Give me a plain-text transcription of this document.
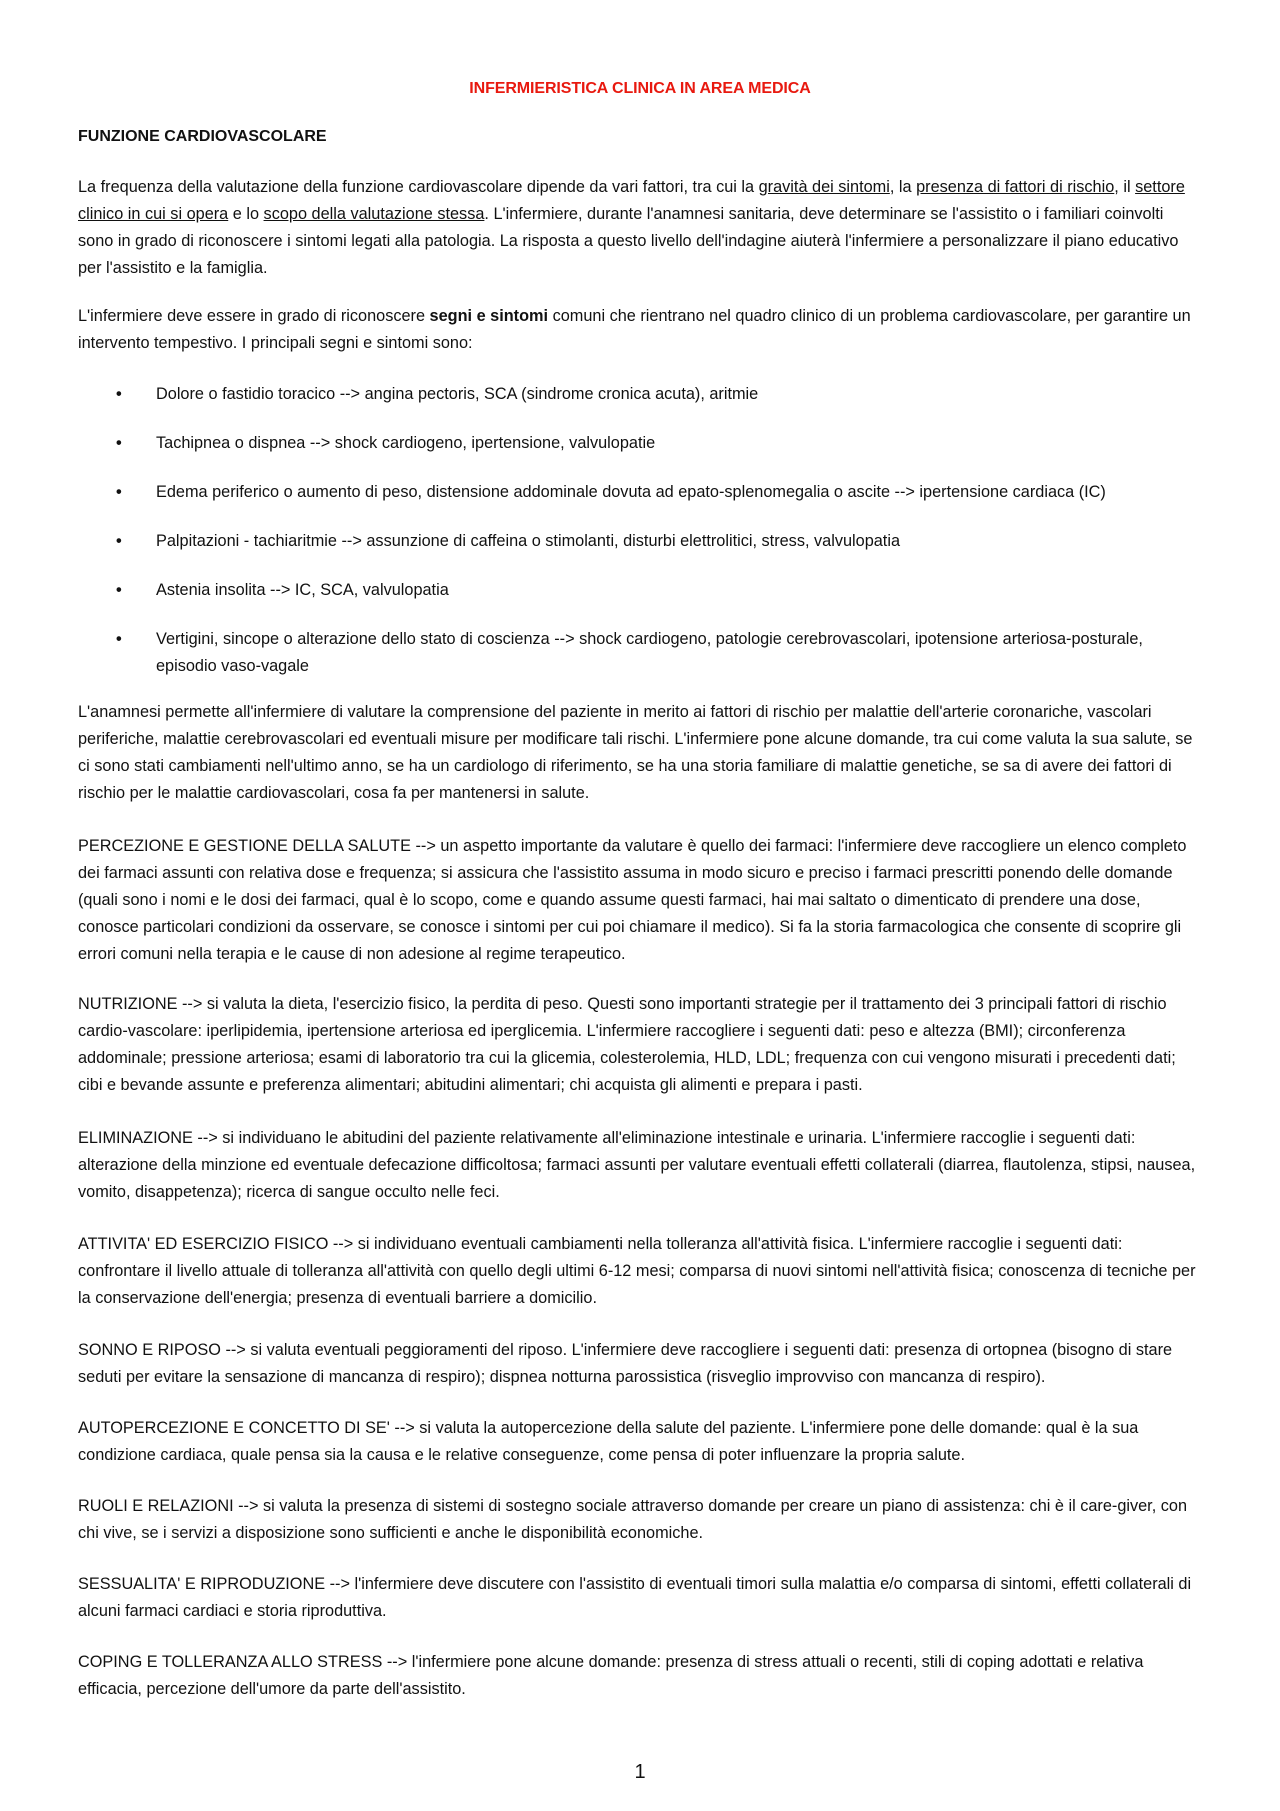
INFERMIERISTICA CLINICA IN AREA MEDICA
FUNZIONE CARDIOVASCOLARE

La frequenza della valutazione della funzione cardiovascolare dipende da vari fattori, tra cui la gravità dei sintomi, la presenza di fattori di rischio, il settore clinico in cui si opera e lo scopo della valutazione stessa. L'infermiere, durante l'anamnesi sanitaria, deve determinare se l'assistito o i familiari coinvolti sono in grado di riconoscere i sintomi legati alla patologia. La risposta a questo livello dell'indagine aiuterà l'infermiere a personalizzare il piano educativo per l'assistito e la famiglia.

L'infermiere deve essere in grado di riconoscere segni e sintomi comuni che rientrano nel quadro clinico di un problema cardiovascolare, per garantire un intervento tempestivo. I principali segni e sintomi sono:

• Dolore o fastidio toracico --> angina pectoris, SCA (sindrome cronica acuta), aritmie
• Tachipnea o dispnea --> shock cardiogeno, ipertensione, valvulopatie
• Edema periferico o aumento di peso, distensione addominale dovuta ad epato-splenomegalia o ascite --> ipertensione cardiaca (IC)
• Palpitazioni - tachiaritmie --> assunzione di caffeina o stimolanti, disturbi elettrolitici, stress, valvulopatia
• Astenia insolita --> IC, SCA, valvulopatia
• Vertigini, sincope o alterazione dello stato di coscienza --> shock cardiogeno, patologie cerebrovascolari, ipotensione arteriosa-posturale, episodio vaso-vagale

L'anamnesi permette all'infermiere di valutare la comprensione del paziente in merito ai fattori di rischio per malattie dell'arterie coronariche, vascolari periferiche, malattie cerebrovascolari ed eventuali misure per modificare tali rischi. L'infermiere pone alcune domande, tra cui come valuta la sua salute, se ci sono stati cambiamenti nell'ultimo anno, se ha un cardiologo di riferimento, se ha una storia familiare di malattie genetiche, se sa di avere dei fattori di rischio per le malattie cardiovascolari, cosa fa per mantenersi in salute.

PERCEZIONE E GESTIONE DELLA SALUTE --> un aspetto importante da valutare è quello dei farmaci: l'infermiere deve raccogliere un elenco completo dei farmaci assunti con relativa dose e frequenza; si assicura che l'assistito assuma in modo sicuro e preciso i farmaci prescritti ponendo delle domande (quali sono i nomi e le dosi dei farmaci, qual è lo scopo, come e quando assume questi farmaci, hai mai saltato o dimenticato di prendere una dose, conosce particolari condizioni da osservare, se conosce i sintomi per cui poi chiamare il medico). Si fa la storia farmacologica che consente di scoprire gli errori comuni nella terapia e le cause di non adesione al regime terapeutico.

NUTRIZIONE --> si valuta la dieta, l'esercizio fisico, la perdita di peso. Questi sono importanti strategie per il trattamento dei 3 principali fattori di rischio cardio-vascolare: iperlipidemia, ipertensione arteriosa ed iperglicemia. L'infermiere raccogliere i seguenti dati: peso e altezza (BMI); circonferenza addominale; pressione arteriosa; esami di laboratorio tra cui la glicemia, colesterolemia, HLD, LDL; frequenza con cui vengono misurati i precedenti dati; cibi e bevande assunte e preferenza alimentari; abitudini alimentari; chi acquista gli alimenti e prepara i pasti.

ELIMINAZIONE --> si individuano le abitudini del paziente relativamente all'eliminazione intestinale e urinaria. L'infermiere raccoglie i seguenti dati: alterazione della minzione ed eventuale defecazione difficoltosa; farmaci assunti per valutare eventuali effetti collaterali (diarrea, flautolenza, stipsi, nausea, vomito, disappetenza); ricerca di sangue occulto nelle feci.

ATTIVITA' ED ESERCIZIO FISICO --> si individuano eventuali cambiamenti nella tolleranza all'attività fisica. L'infermiere raccoglie i seguenti dati: confrontare il livello attuale di tolleranza all'attività con quello degli ultimi 6-12 mesi; comparsa di nuovi sintomi nell'attività fisica; conoscenza di tecniche per la conservazione dell'energia; presenza di eventuali barriere a domicilio.

SONNO E RIPOSO --> si valuta eventuali peggioramenti del riposo. L'infermiere deve raccogliere i seguenti dati: presenza di ortopnea (bisogno di stare seduti per evitare la sensazione di mancanza di respiro); dispnea notturna parossistica (risveglio improvviso con mancanza di respiro).

AUTOPERCEZIONE E CONCETTO DI SE' --> si valuta la autopercezione della salute del paziente. L'infermiere pone delle domande: qual è la sua condizione cardiaca, quale pensa sia la causa e le relative conseguenze, come pensa di poter influenzare la propria salute.

RUOLI E RELAZIONI --> si valuta la presenza di sistemi di sostegno sociale attraverso domande per creare un piano di assistenza: chi è il care-giver, con chi vive, se i servizi a disposizione sono sufficienti e anche le disponibilità economiche.

SESSUALITA' E RIPRODUZIONE --> l'infermiere deve discutere con l'assistito di eventuali timori sulla malattia e/o comparsa di sintomi, effetti collaterali di alcuni farmaci cardiaci e storia riproduttiva.

COPING E TOLLERANZA ALLO STRESS --> l'infermiere pone alcune domande: presenza di stress attuali o recenti, stili di coping adottati e relativa efficacia, percezione dell'umore da parte dell'assistito.

1
